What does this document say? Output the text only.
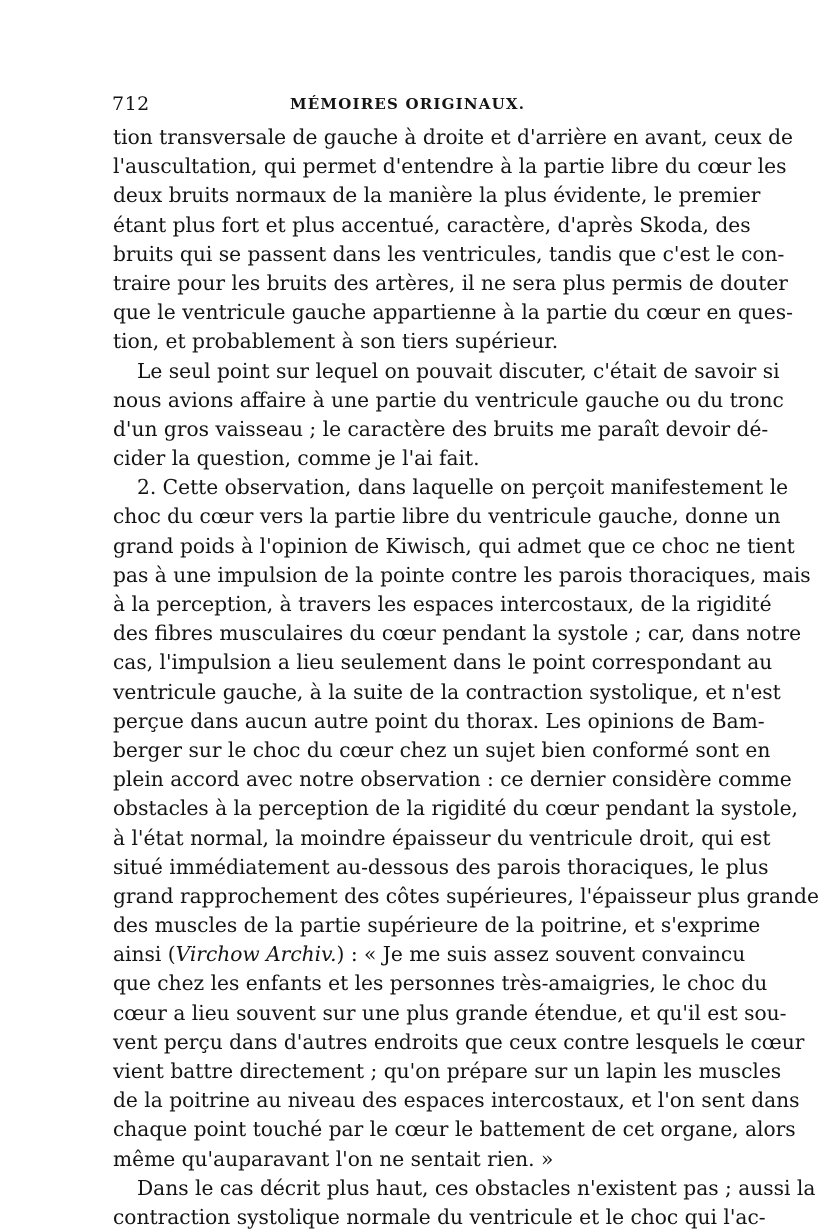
712	MÉMOIRES ORIGINAUX.
tion transversale de gauche à droite et d'arrière en avant, ceux de
l'auscultation, qui permet d'entendre à la partie libre du cœur les
deux bruits normaux de la manière la plus évidente, le premier
étant plus fort et plus accentué, caractère, d'après Skoda, des
bruits qui se passent dans les ventricules, tandis que c'est le con-
traire pour les bruits des artères, il ne sera plus permis de douter
que le ventricule gauche appartienne à la partie du cœur en ques-
tion, et probablement à son tiers supérieur.
Le seul point sur lequel on pouvait discuter, c'était de savoir si
nous avions affaire à une partie du ventricule gauche ou du tronc
d'un gros vaisseau ; le caractère des bruits me paraît devoir dé-
cider la question, comme je l'ai fait.
2. Cette observation, dans laquelle on perçoit manifestement le
choc du cœur vers la partie libre du ventricule gauche, donne un
grand poids à l'opinion de Kiwisch, qui admet que ce choc ne tient
pas à une impulsion de la pointe contre les parois thoraciques, mais
à la perception, à travers les espaces intercostaux, de la rigidité
des fibres musculaires du cœur pendant la systole ; car, dans notre
cas, l'impulsion a lieu seulement dans le point correspondant au
ventricule gauche, à la suite de la contraction systolique, et n'est
perçue dans aucun autre point du thorax. Les opinions de Bam-
berger sur le choc du cœur chez un sujet bien conformé sont en
plein accord avec notre observation : ce dernier considère comme
obstacles à la perception de la rigidité du cœur pendant la systole,
à l'état normal, la moindre épaisseur du ventricule droit, qui est
situé immédiatement au-dessous des parois thoraciques, le plus
grand rapprochement des côtes supérieures, l'épaisseur plus grande
des muscles de la partie supérieure de la poitrine, et s'exprime
ainsi (Virchow Archiv.) : « Je me suis assez souvent convaincu
que chez les enfants et les personnes très-amaigries, le choc du
cœur a lieu souvent sur une plus grande étendue, et qu'il est sou-
vent perçu dans d'autres endroits que ceux contre lesquels le cœur
vient battre directement ; qu'on prépare sur un lapin les muscles
de la poitrine au niveau des espaces intercostaux, et l'on sent dans
chaque point touché par le cœur le battement de cet organe, alors
même qu'auparavant l'on ne sentait rien. »
Dans le cas décrit plus haut, ces obstacles n'existent pas ; aussi la
contraction systolique normale du ventricule et le choc qui l'ac-
